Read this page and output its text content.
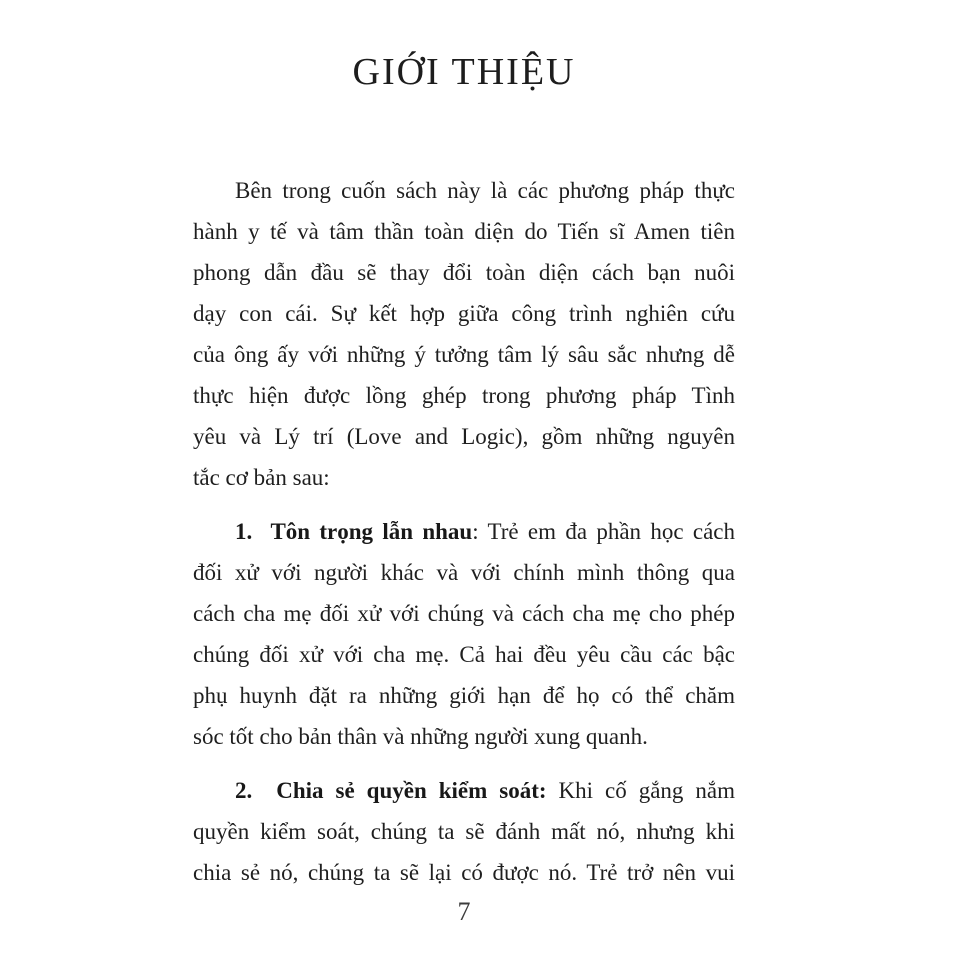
GIỚI THIỆU
Bên trong cuốn sách này là các phương pháp thực
hành y tế và tâm thần toàn diện do Tiến sĩ Amen tiên
phong dẫn đầu sẽ thay đổi toàn diện cách bạn nuôi
dạy con cái. Sự kết hợp giữa công trình nghiên cứu
của ông ấy với những ý tưởng tâm lý sâu sắc nhưng dễ
thực hiện được lồng ghép trong phương pháp Tình
yêu và Lý trí (Love and Logic), gồm những nguyên
tắc cơ bản sau:
1.  Tôn trọng lẫn nhau: Trẻ em đa phần học cách
đối xử với người khác và với chính mình thông qua
cách cha mẹ đối xử với chúng và cách cha mẹ cho phép
chúng đối xử với cha mẹ. Cả hai đều yêu cầu các bậc
phụ huynh đặt ra những giới hạn để họ có thể chăm
sóc tốt cho bản thân và những người xung quanh.
2.  Chia sẻ quyền kiểm soát: Khi cố gắng nắm
quyền kiểm soát, chúng ta sẽ đánh mất nó, nhưng khi
chia sẻ nó, chúng ta sẽ lại có được nó. Trẻ trở nên vui
7
